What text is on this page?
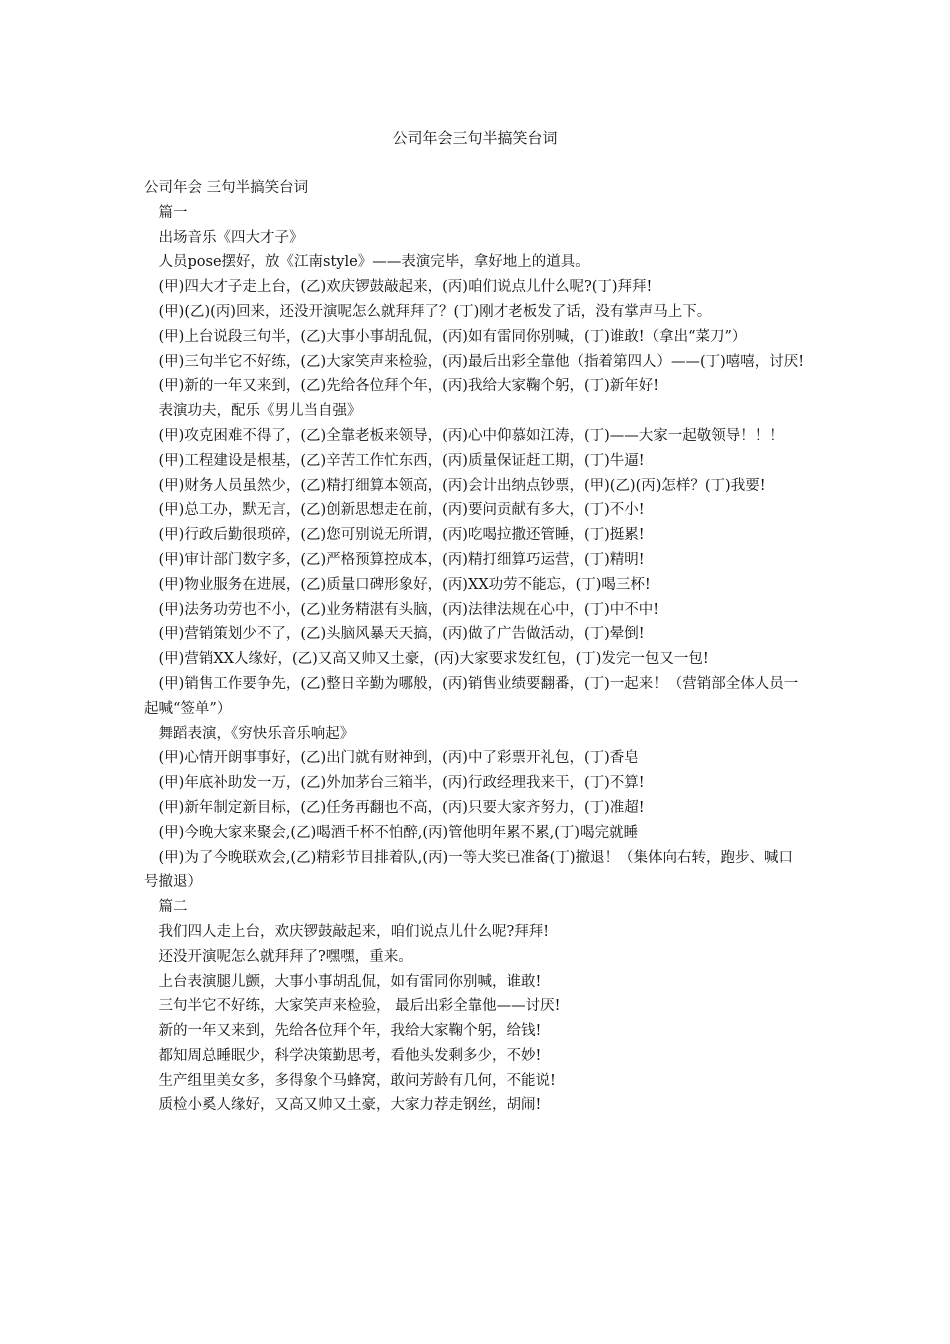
公司年会三句半搞笑台词

公司年会 三句半搞笑台词

篇一

出场音乐《四大才子》

人员pose摆好，放《江南style》——表演完毕，拿好地上的道具。

(甲)四大才子走上台，(乙)欢庆锣鼓敲起来，(丙)咱们说点儿什么呢?(丁)拜拜!

(甲)(乙)(丙)回来，还没开演呢怎么就拜拜了？(丁)刚才老板发了话，没有掌声马上下。

(甲)上台说段三句半，(乙)大事小事胡乱侃，(丙)如有雷同你别喊，(丁)谁敢!（拿出“菜刀”）

(甲)三句半它不好练，(乙)大家笑声来检验，(丙)最后出彩全靠他（指着第四人）——(丁)嘻嘻，讨厌!

(甲)新的一年又来到，(乙)先给各位拜个年，(丙)我给大家鞠个躬，(丁)新年好!

表演功夫，配乐《男儿当自强》

(甲)攻克困难不得了，(乙)全靠老板来领导，(丙)心中仰慕如江涛，(丁)——大家一起敬领导！！！

(甲)工程建设是根基，(乙)辛苦工作忙东西，(丙)质量保证赶工期，(丁)牛逼!

(甲)财务人员虽然少，(乙)精打细算本领高，(丙)会计出纳点钞票，(甲)(乙)(丙)怎样？(丁)我要!

(甲)总工办，默无言，(乙)创新思想走在前，(丙)要问贡献有多大，(丁)不小!

(甲)行政后勤很琐碎，(乙)您可别说无所谓，(丙)吃喝拉撒还管睡，(丁)挺累!

(甲)审计部门数字多，(乙)严格预算控成本，(丙)精打细算巧运营，(丁)精明!

(甲)物业服务在进展，(乙)质量口碑形象好，(丙)XX功劳不能忘，(丁)喝三杯!

(甲)法务功劳也不小，(乙)业务精湛有头脑，(丙)法律法规在心中，(丁)中不中!

(甲)营销策划少不了，(乙)头脑风暴天天搞，(丙)做了广告做活动，(丁)晕倒!

(甲)营销XX人缘好，(乙)又高又帅又土豪，(丙)大家要求发红包，(丁)发完一包又一包!

(甲)销售工作要争先，(乙)整日辛勤为哪般，(丙)销售业绩要翻番，(丁)一起来！（营销部全体人员一起喊“签单”）

舞蹈表演，《穷快乐音乐响起》

(甲)心情开朗事事好，(乙)出门就有财神到，(丙)中了彩票开礼包，(丁)香皂

(甲)年底补助发一万，(乙)外加茅台三箱半，(丙)行政经理我来干，(丁)不算!

(甲)新年制定新目标，(乙)任务再翻也不高，(丙)只要大家齐努力，(丁)准超!

(甲)今晚大家来聚会,(乙)喝酒千杯不怕醉,(丙)管他明年累不累,(丁)喝完就睡

(甲)为了今晚联欢会,(乙)精彩节目排着队,(丙)一等大奖已准备(丁)撤退！（集体向右转，跑步、喊口号撤退）

篇二

我们四人走上台，欢庆锣鼓敲起来，咱们说点儿什么呢?拜拜!

还没开演呢怎么就拜拜了?嘿嘿，重来。

上台表演腿儿颤，大事小事胡乱侃，如有雷同你别喊，谁敢!

三句半它不好练，大家笑声来检验， 最后出彩全靠他——讨厌!

新的一年又来到，先给各位拜个年，我给大家鞠个躬，给钱!

都知周总睡眠少，科学决策勤思考，看他头发剩多少，不妙!

生产组里美女多，多得象个马蜂窝，敢问芳龄有几何，不能说!

质检小奚人缘好，又高又帅又土豪，大家力荐走钢丝，胡闹!
